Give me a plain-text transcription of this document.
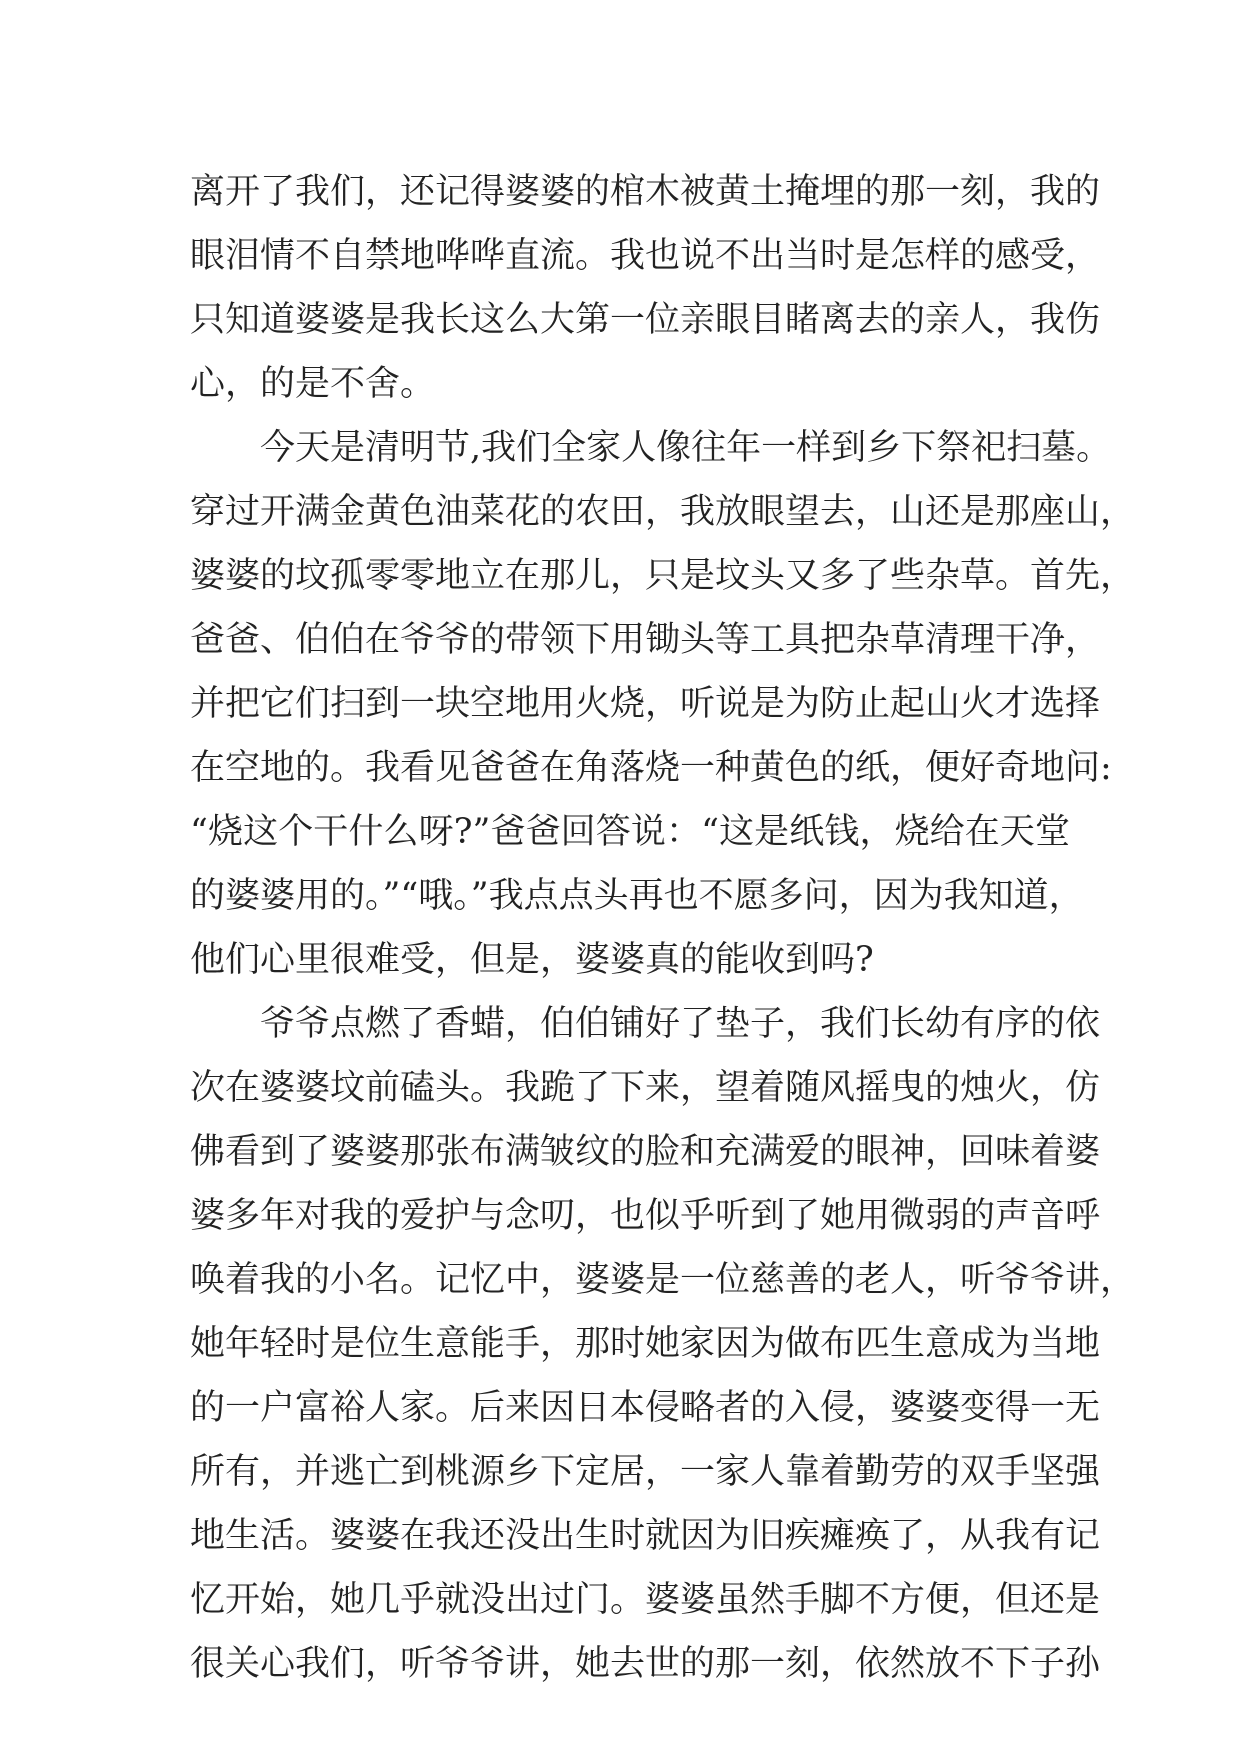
离开了我们，还记得婆婆的棺木被黄土掩埋的那一刻，我的
眼泪情不自禁地哗哗直流。我也说不出当时是怎样的感受，
只知道婆婆是我长这么大第一位亲眼目睹离去的亲人，我伤
心，的是不舍。
今天是清明节,我们全家人像往年一样到乡下祭祀扫墓。
穿过开满金黄色油菜花的农田，我放眼望去，山还是那座山，
婆婆的坟孤零零地立在那儿，只是坟头又多了些杂草。首先，
爸爸、伯伯在爷爷的带领下用锄头等工具把杂草清理干净，
并把它们扫到一块空地用火烧，听说是为防止起山火才选择
在空地的。我看见爸爸在角落烧一种黄色的纸，便好奇地问:
“烧这个干什么呀?”爸爸回答说：“这是纸钱，烧给在天堂
的婆婆用的。”“哦。”我点点头再也不愿多问，因为我知道，
他们心里很难受，但是，婆婆真的能收到吗?
爷爷点燃了香蜡，伯伯铺好了垫子，我们长幼有序的依
次在婆婆坟前磕头。我跪了下来，望着随风摇曳的烛火，仿
佛看到了婆婆那张布满皱纹的脸和充满爱的眼神，回味着婆
婆多年对我的爱护与念叨，也似乎听到了她用微弱的声音呼
唤着我的小名。记忆中，婆婆是一位慈善的老人，听爷爷讲，
她年轻时是位生意能手，那时她家因为做布匹生意成为当地
的一户富裕人家。后来因日本侵略者的入侵，婆婆变得一无
所有，并逃亡到桃源乡下定居，一家人靠着勤劳的双手坚强
地生活。婆婆在我还没出生时就因为旧疾瘫痪了，从我有记
忆开始，她几乎就没出过门。婆婆虽然手脚不方便，但还是
很关心我们，听爷爷讲，她去世的那一刻，依然放不下子孙
